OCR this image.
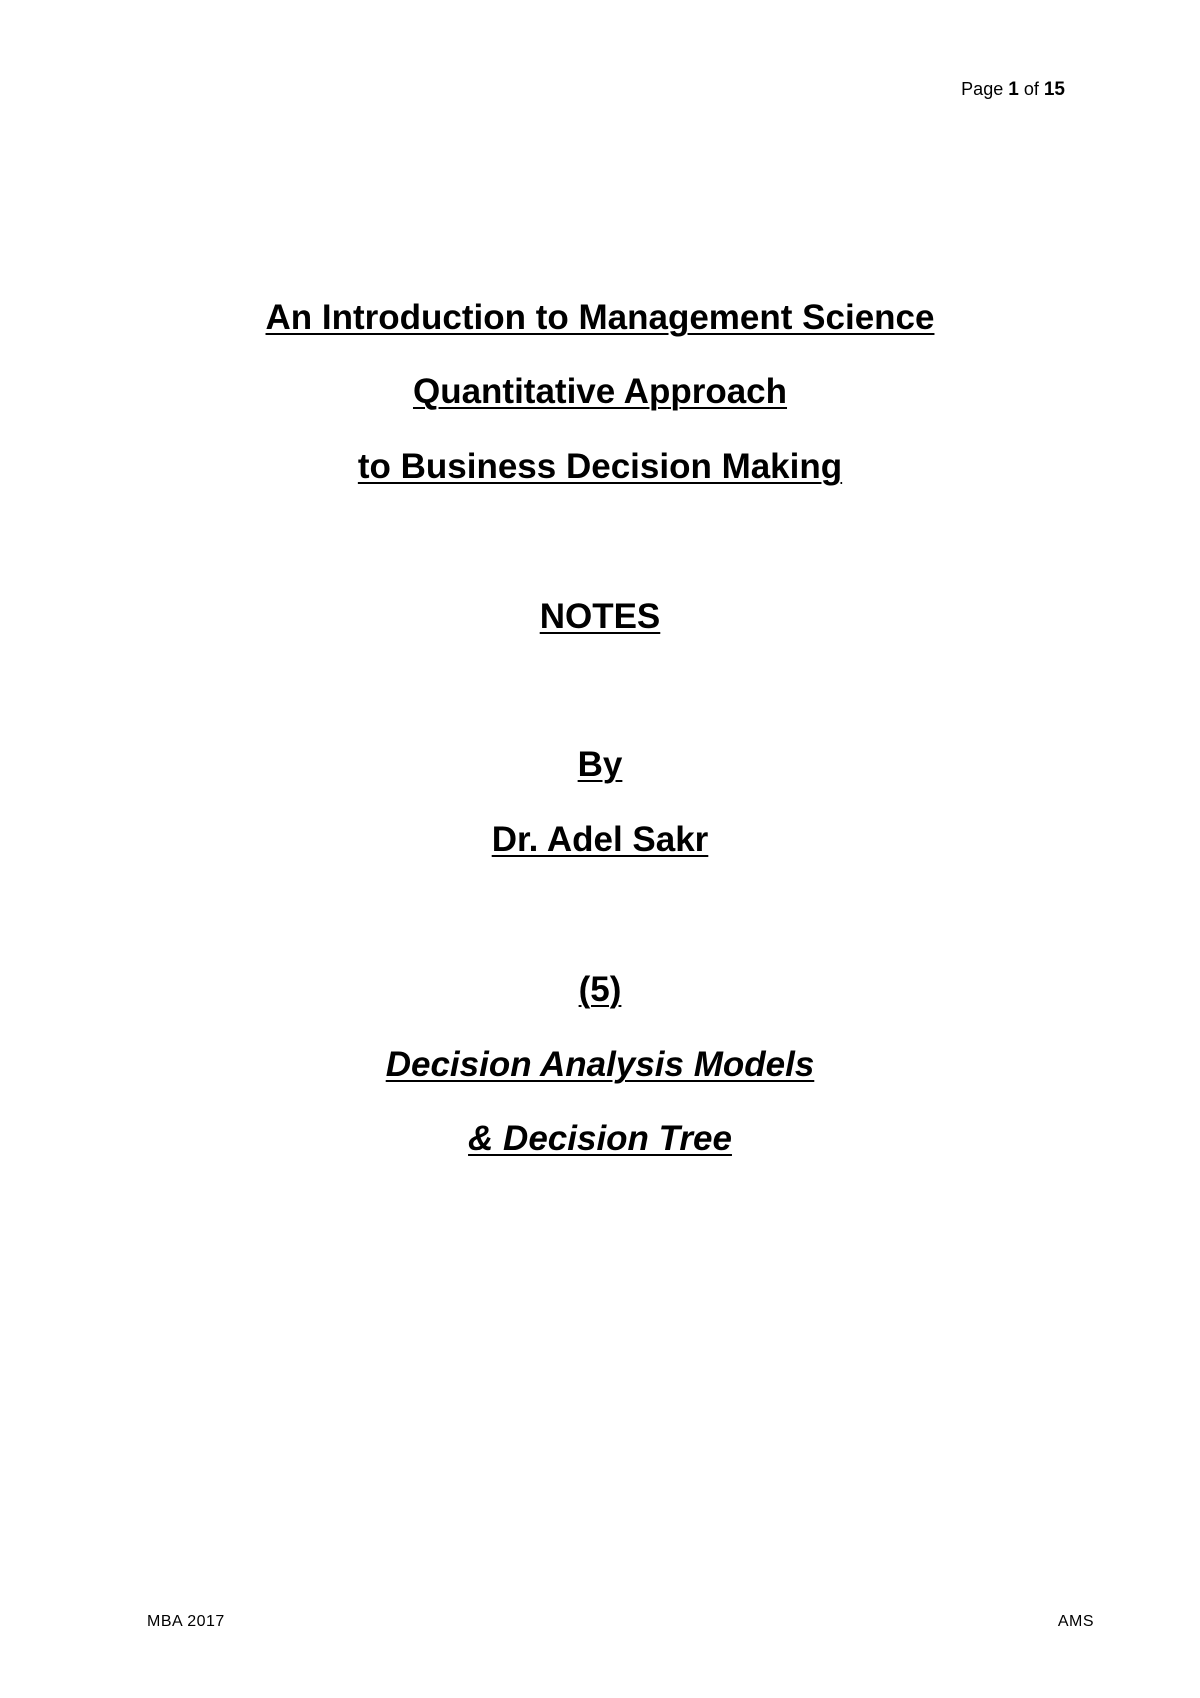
Page 1 of 15
An Introduction to Management Science
Quantitative Approach
to Business Decision Making
NOTES
By
Dr. Adel Sakr
(5)
Decision Analysis Models
& Decision Tree
MBA 2017	AMS
